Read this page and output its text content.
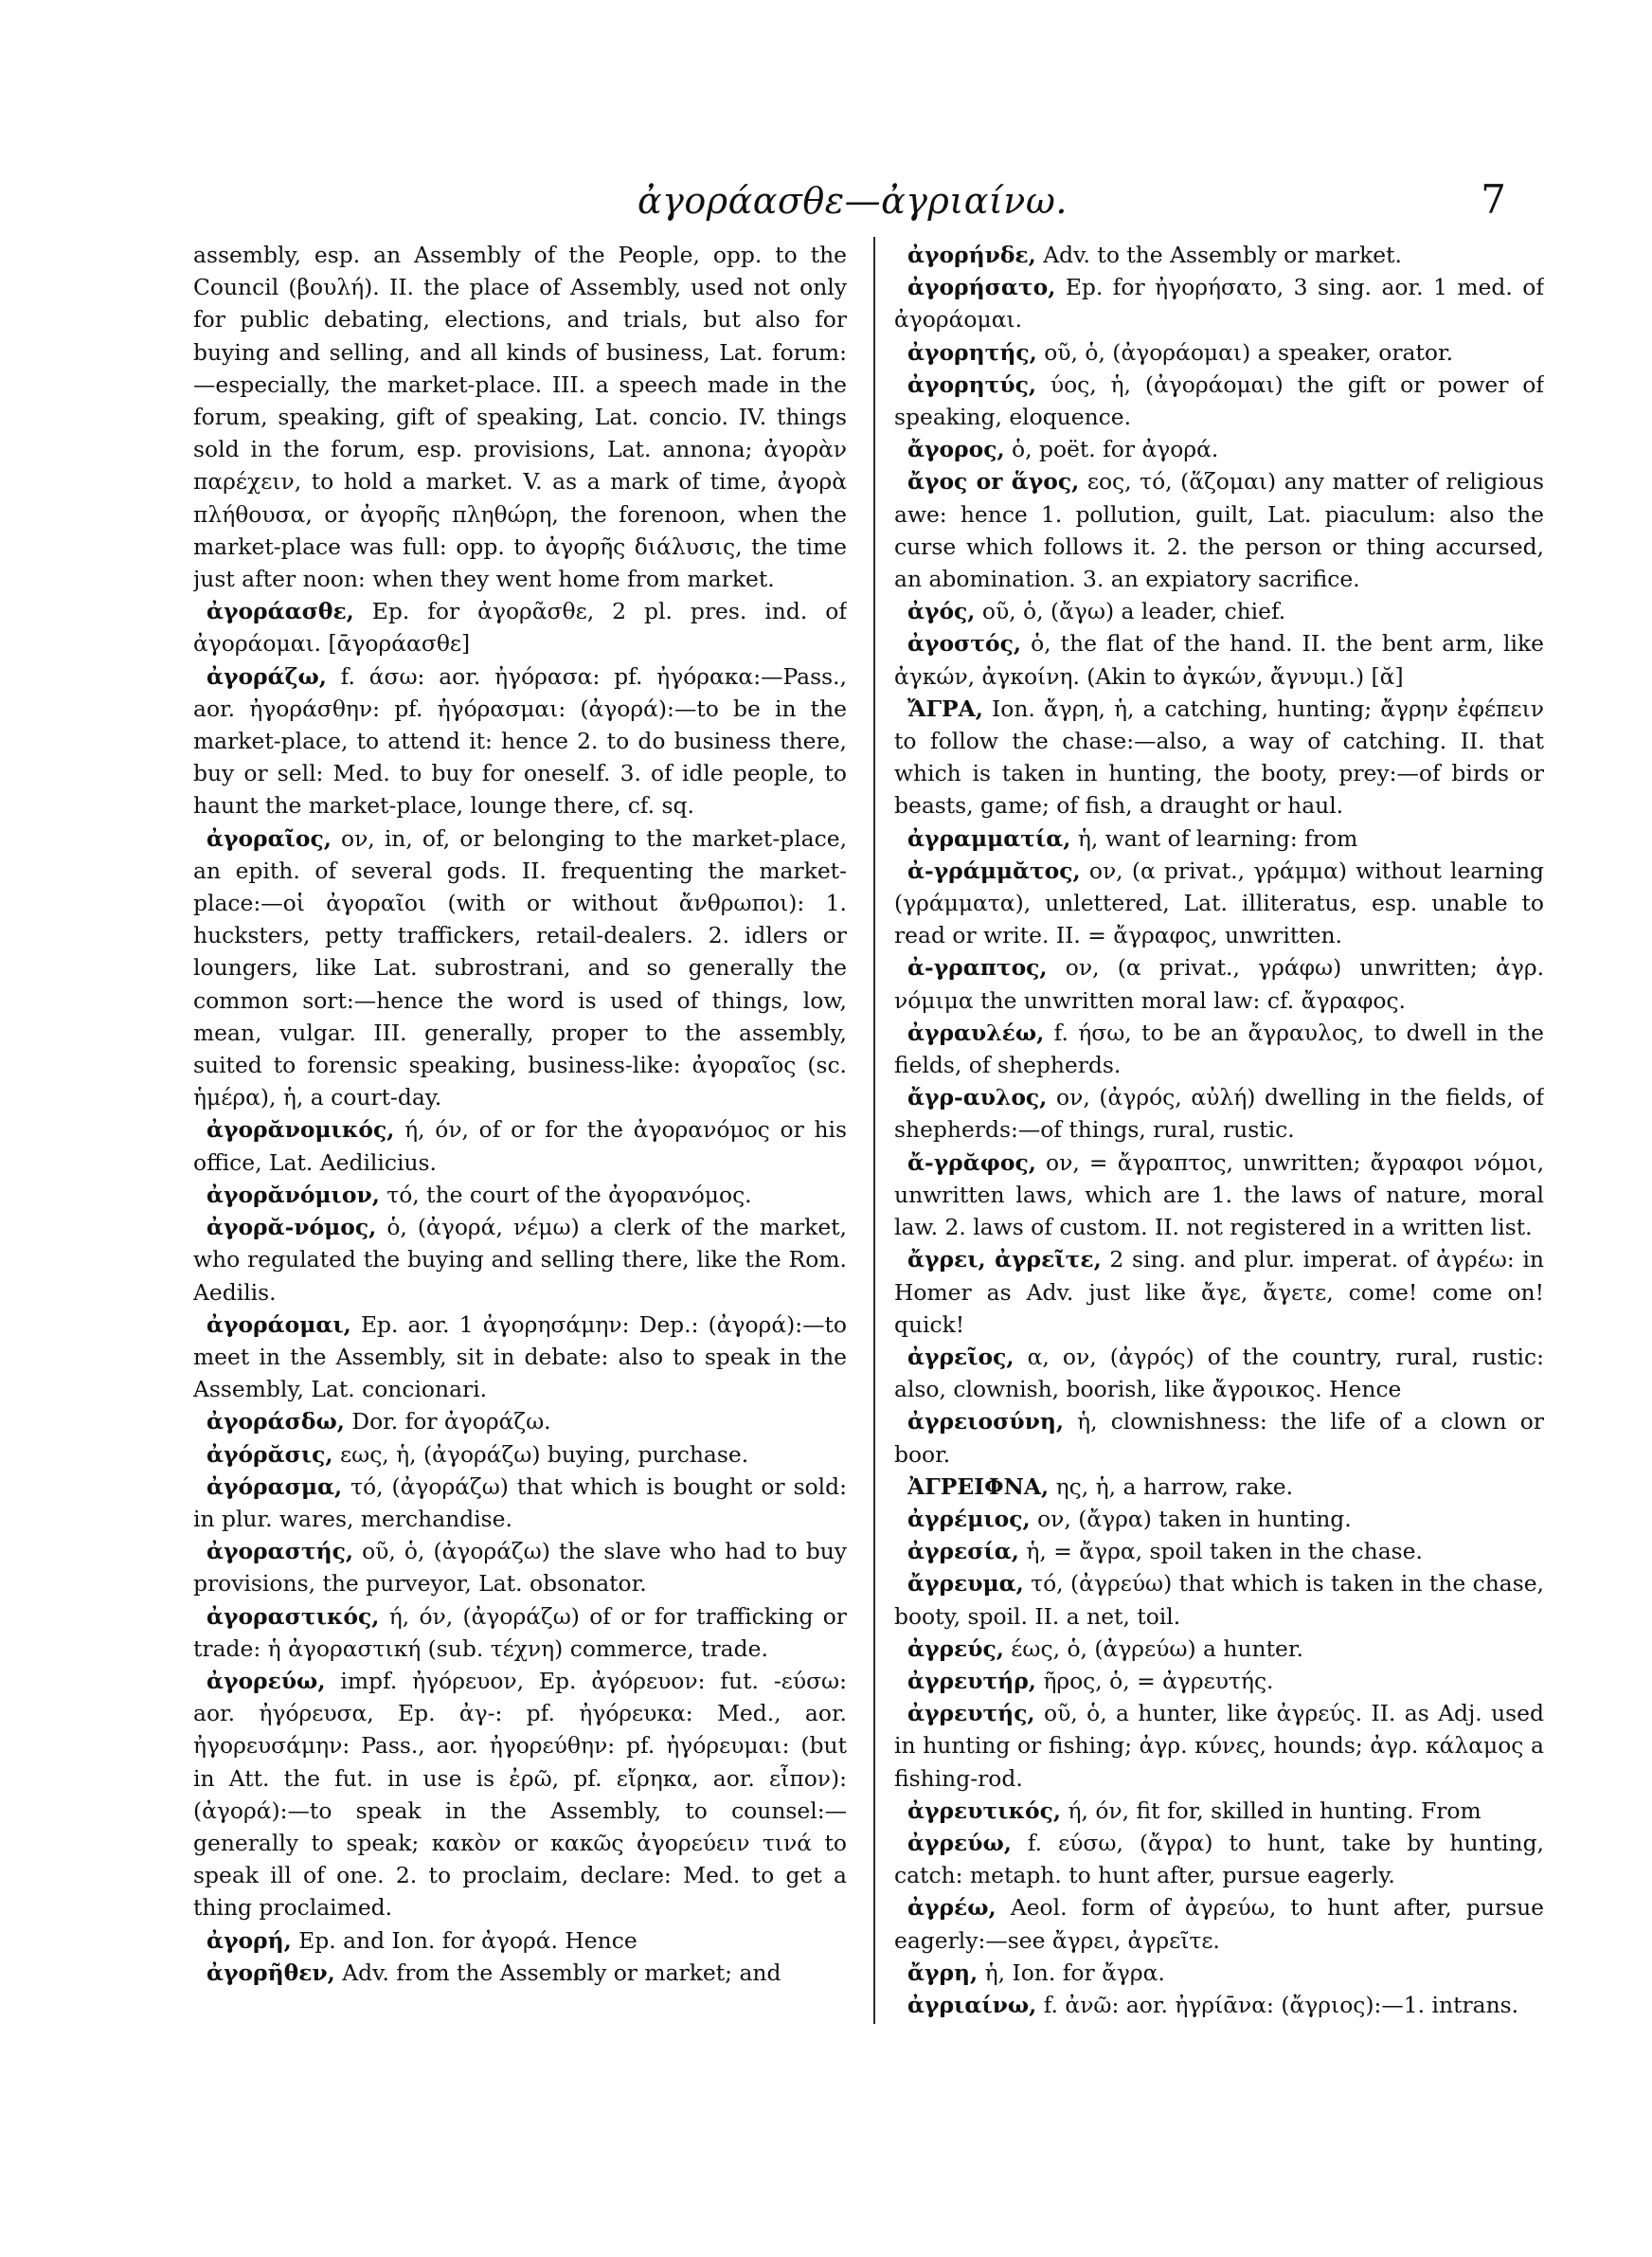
ἀγοράασθε—ἀγριαίνω.	7

assembly, esp. an Assembly of the People, opp. to the Council (βουλή). II. the place of Assembly, used not only for public debating, elections, and trials, but also for buying and selling, and all kinds of business, Lat. forum:—especially, the market-place. III. a speech made in the forum, speaking, gift of speaking, Lat. concio. IV. things sold in the forum, esp. provisions, Lat. annona; ἀγορὰν παρέχειν, to hold a market. V. as a mark of time, ἀγορὰ πλήθουσα, or ἀγορῆς πληθώρη, the forenoon, when the market-place was full: opp. to ἀγορῆς διάλυσις, the time just after noon: when they went home from market.

ἀγοράασθε, Ep. for ἀγορᾶσθε, 2 pl. pres. ind. of ἀγοράομαι. [ᾱγοράασθε]

ἀγοράζω, f. άσω: aor. ἠγόρασα: pf. ἠγόρακα:—Pass., aor. ἠγοράσθην: pf. ἠγόρασμαι: (ἀγορά):—to be in the market-place, to attend it: hence 2. to do business there, buy or sell: Med. to buy for oneself. 3. of idle people, to haunt the market-place, lounge there, cf. sq.

ἀγοραῖος, ον, in, of, or belonging to the market-place, an epith. of several gods. II. frequenting the market-place:—οἱ ἀγοραῖοι (with or without ἄνθρωποι): 1. hucksters, petty traffickers, retail-dealers. 2. idlers or loungers, like Lat. subrostrani, and so generally the common sort:—hence the word is used of things, low, mean, vulgar. III. generally, proper to the assembly, suited to forensic speaking, business-like: ἀγοραῖος (sc. ἡμέρα), ἡ, a court-day.

ἀγορᾰνομικός, ή, όν, of or for the ἀγορανόμος or his office, Lat. Aedilicius.

ἀγορᾰνόμιον, τό, the court of the ἀγορανόμος.

ἀγορᾰ-νόμος, ὁ, (ἀγορά, νέμω) a clerk of the market, who regulated the buying and selling there, like the Rom. Aedilis.

ἀγοράομαι, Ep. aor. 1 ἀγορησάμην: Dep.: (ἀγορά):—to meet in the Assembly, sit in debate: also to speak in the Assembly, Lat. concionari.

ἀγοράσδω, Dor. for ἀγοράζω.

ἀγόρᾰσις, εως, ἡ, (ἀγοράζω) buying, purchase.

ἀγόρασμα, τό, (ἀγοράζω) that which is bought or sold: in plur. wares, merchandise.

ἀγοραστής, οῦ, ὁ, (ἀγοράζω) the slave who had to buy provisions, the purveyor, Lat. obsonator.

ἀγοραστικός, ή, όν, (ἀγοράζω) of or for trafficking or trade: ἡ ἀγοραστική (sub. τέχνη) commerce, trade.

ἀγορεύω, impf. ἠγόρευον, Ep. ἀγόρευον: fut. -εύσω: aor. ἠγόρευσα, Ep. ἀγ-: pf. ἠγόρευκα: Med., aor. ἠγορευσάμην: Pass., aor. ἠγορεύθην: pf. ἠγόρευμαι: (but in Att. the fut. in use is ἐρῶ, pf. εἴρηκα, aor. εἶπον): (ἀγορά):—to speak in the Assembly, to counsel:—generally to speak; κακὸν or κακῶς ἀγορεύειν τινά to speak ill of one. 2. to proclaim, declare: Med. to get a thing proclaimed.

ἀγορή, Ep. and Ion. for ἀγορά. Hence

ἀγορῆθεν, Adv. from the Assembly or market; and

ἀγορήνδε, Adv. to the Assembly or market.

ἀγορήσατο, Ep. for ἠγορήσατο, 3 sing. aor. 1 med. of ἀγοράομαι.

ἀγορητής, οῦ, ὁ, (ἀγοράομαι) a speaker, orator.

ἀγορητύς, ύος, ἡ, (ἀγοράομαι) the gift or power of speaking, eloquence.

ἄγορος, ὁ, poët. for ἀγορά.

ἄγος or ἅγος, εος, τό, (ἅζομαι) any matter of religious awe: hence 1. pollution, guilt, Lat. piaculum: also the curse which follows it. 2. the person or thing accursed, an abomination. 3. an expiatory sacrifice.

ἀγός, οῦ, ὁ, (ἄγω) a leader, chief.

ἀγοστός, ὁ, the flat of the hand. II. the bent arm, like ἀγκών, ἀγκοίνη. (Akin to ἀγκών, ἄγνυμι.) [ᾰ]

ἌΓΡΑ, Ion. ἄγρη, ἡ, a catching, hunting; ἄγρην ἐφέπειν to follow the chase:—also, a way of catching. II. that which is taken in hunting, the booty, prey:—of birds or beasts, game; of fish, a draught or haul.

ἀγραμματία, ἡ, want of learning: from

ἀ-γράμμᾰτος, ον, (α privat., γράμμα) without learning (γράμματα), unlettered, Lat. illiteratus, esp. unable to read or write. II. = ἄγραφος, unwritten.

ἀ-γραπτος, ον, (α privat., γράφω) unwritten; ἀγρ. νόμιμα the unwritten moral law: cf. ἄγραφος.

ἀγραυλέω, f. ήσω, to be an ἄγραυλος, to dwell in the fields, of shepherds.

ἄγρ-αυλος, ον, (ἀγρός, αὐλή) dwelling in the fields, of shepherds:—of things, rural, rustic.

ἄ-γρᾰφος, ον, = ἄγραπτος, unwritten; ἄγραφοι νόμοι, unwritten laws, which are 1. the laws of nature, moral law. 2. laws of custom. II. not registered in a written list.

ἄγρει, ἀγρεῖτε, 2 sing. and plur. imperat. of ἀγρέω: in Homer as Adv. just like ἄγε, ἄγετε, come! come on! quick!

ἀγρεῖος, α, ον, (ἀγρός) of the country, rural, rustic: also, clownish, boorish, like ἄγροικος. Hence

ἀγρειοσύνη, ἡ, clownishness: the life of a clown or boor.

ἈΓΡΕΙΦΝΑ, ης, ἡ, a harrow, rake.

ἀγρέμιος, ον, (ἄγρα) taken in hunting.

ἀγρεσία, ἡ, = ἄγρα, spoil taken in the chase.

ἄγρευμα, τό, (ἀγρεύω) that which is taken in the chase, booty, spoil. II. a net, toil.

ἀγρεύς, έως, ὁ, (ἀγρεύω) a hunter.

ἀγρευτήρ, ῆρος, ὁ, = ἀγρευτής.

ἀγρευτής, οῦ, ὁ, a hunter, like ἀγρεύς. II. as Adj. used in hunting or fishing; ἀγρ. κύνες, hounds; ἀγρ. κάλαμος a fishing-rod.

ἀγρευτικός, ή, όν, fit for, skilled in hunting. From

ἀγρεύω, f. εύσω, (ἄγρα) to hunt, take by hunting, catch: metaph. to hunt after, pursue eagerly.

ἀγρέω, Aeol. form of ἀγρεύω, to hunt after, pursue eagerly:—see ἄγρει, ἀγρεῖτε.

ἄγρη, ἡ, Ion. for ἄγρα.

ἀγριαίνω, f. ἀνῶ: aor. ἠγρίᾱνα: (ἄγριος):—1. intrans.
